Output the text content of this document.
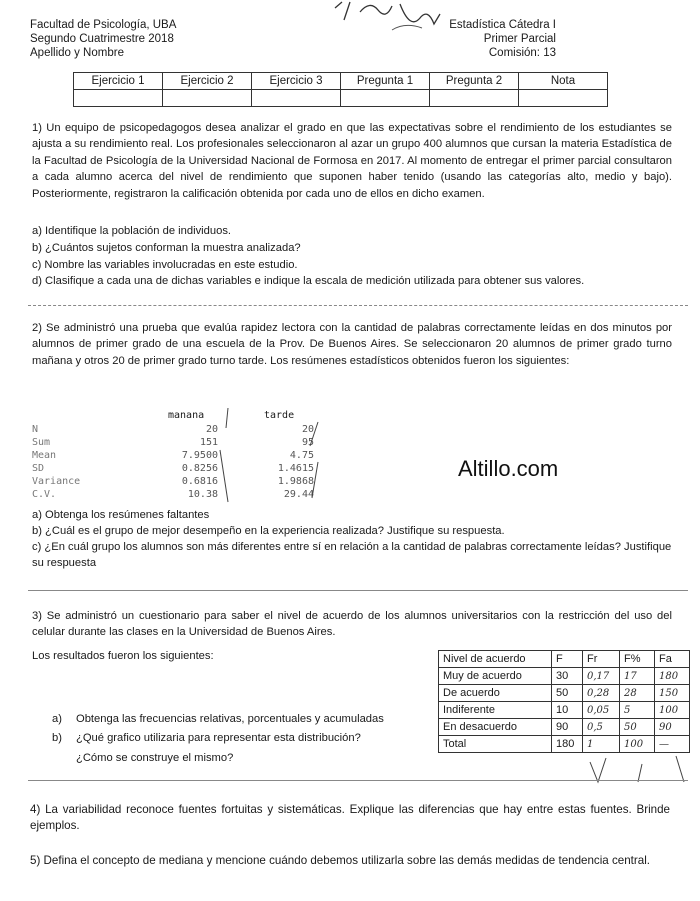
Facultad de Psicología, UBA
Segundo Cuatrimestre 2018
Apellido y Nombre
Estadística Cátedra I
Primer Parcial
Comisión: 13
Ejercicio 1	Ejercicio 2	Ejercicio 3	Pregunta 1	Pregunta 2	Nota

1) Un equipo de psicopedagogos desea analizar el grado en que las expectativas sobre el rendimiento de los estudiantes se ajusta a su rendimiento real. Los profesionales seleccionaron al azar un grupo 400 alumnos que cursan la materia Estadística de la Facultad de Psicología de la Universidad Nacional de Formosa en 2017. Al momento de entregar el primer parcial consultaron a cada alumno acerca del nivel de rendimiento que suponen haber tenido (usando las categorías alto, medio y bajo). Posteriormente, registraron la calificación obtenida por cada uno de ellos en dicho examen.
a) Identifique la población de individuos.
b) ¿Cuántos sujetos conforman la muestra analizada?
c) Nombre las variables involucradas en este estudio.
d) Clasifique a cada una de dichas variables e indique la escala de medición utilizada para obtener sus valores.
2) Se administró una prueba que evalúa rapidez lectora con la cantidad de palabras correctamente leídas en dos minutos por alumnos de primer grado de una escuela de la Prov. De Buenos Aires. Se seleccionaron 20 alumnos de primer grado turno mañana y otros 20 de primer grado turno tarde. Los resúmenes estadísticos obtenidos fueron los siguientes:
manana	tarde
N	20	20
Sum	151	95
Mean	7.9500	4.75
SD	0.8256	1.4615
Variance	0.6816	1.9868
C.V.	10.38	29.44
Altillo.com
a) Obtenga los resúmenes faltantes
b) ¿Cuál es el grupo de mejor desempeño en la experiencia realizada? Justifique su respuesta.
c) ¿En cuál grupo los alumnos son más diferentes entre sí en relación a la cantidad de palabras correctamente leídas? Justifique su respuesta
3) Se administró un cuestionario para saber el nivel de acuerdo de los alumnos universitarios con la restricción del uso del celular durante las clases en la Universidad de Buenos Aires.
Los resultados fueron los siguientes:
a) Obtenga las frecuencias relativas, porcentuales y acumuladas
b) ¿Qué grafico utilizaria para representar esta distribución?
¿Cómo se construye el mismo?
Nivel de acuerdo	F	Fr	F%	Fa
Muy de acuerdo	30	0,17	17	180
De acuerdo	50	0,28	28	150
Indiferente	10	0,05	5	100
En desacuerdo	90	0,5	50	90
Total	180	1	100	—
4) La variabilidad reconoce fuentes fortuitas y sistemáticas. Explique las diferencias que hay entre estas fuentes. Brinde ejemplos.
5) Defina el concepto de mediana y mencione cuándo debemos utilizarla sobre las demás medidas de tendencia central.
